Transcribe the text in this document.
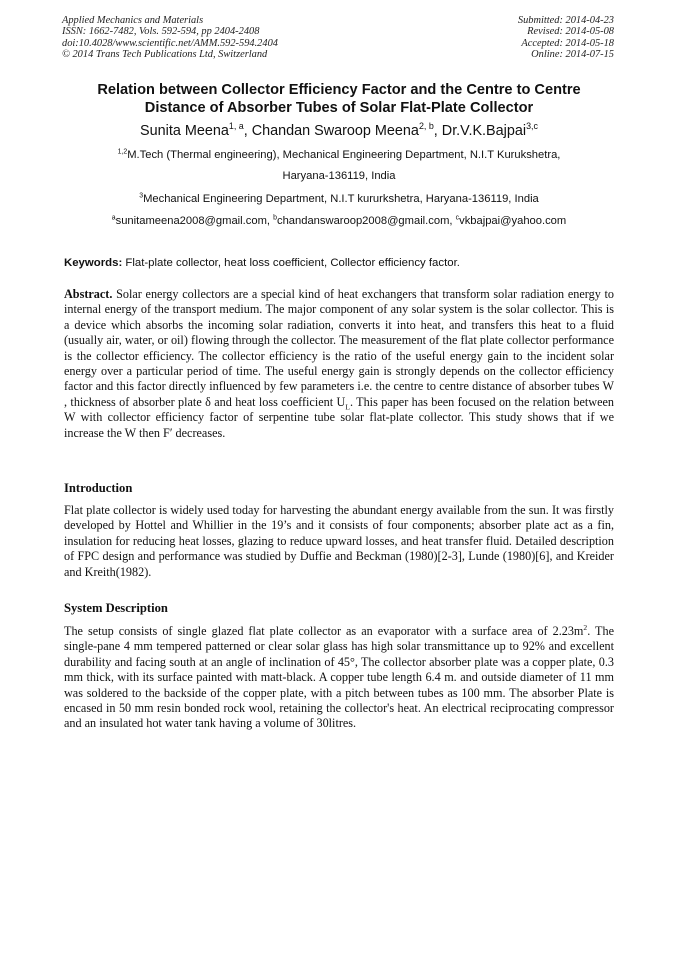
Applied Mechanics and Materials
ISSN: 1662-7482, Vols. 592-594, pp 2404-2408
doi:10.4028/www.scientific.net/AMM.592-594.2404
© 2014 Trans Tech Publications Ltd, Switzerland
Submitted: 2014-04-23
Revised: 2014-05-08
Accepted: 2014-05-18
Online: 2014-07-15
Relation between Collector Efficiency Factor and the Centre to Centre
Distance of Absorber Tubes of Solar Flat-Plate Collector
Sunita Meena$^{1, a}$, Chandan Swaroop Meena$^{2, b}$, Dr.V.K.Bajpai$^{3,c}$
$^{1,2}$M.Tech (Thermal engineering), Mechanical Engineering Department, N.I.T Kurukshetra,
Haryana-136119, India
$^3$Mechanical Engineering Department, N.I.T kururkshetra, Haryana-136119, India
$^a$sunitameena2008@gmail.com, $^b$chandanswaroop2008@gmail.com, $^c$vkbajpai@yahoo.com
Keywords: Flat-plate collector, heat loss coefficient, Collector efficiency factor.
Abstract. Solar energy collectors are a special kind of heat exchangers that transform solar radiation energy to internal energy of the transport medium. The major component of any solar system is the solar collector. This is a device which absorbs the incoming solar radiation, converts it into heat, and transfers this heat to a fluid (usually air, water, or oil) flowing through the collector. The measurement of the flat plate collector performance is the collector efficiency. The collector efficiency is the ratio of the useful energy gain to the incident solar energy over a particular period of time. The useful energy gain is strongly depends on the collector efficiency factor and this factor directly influenced by few parameters i.e. the centre to centre distance of absorber tubes W , thickness of absorber plate δ and heat loss coefficient $U_L$. This paper has been focused on the relation between W with collector efficiency factor of serpentine tube solar flat-plate collector. This study shows that if we increase the W then F′ decreases.
Introduction
Flat plate collector is widely used today for harvesting the abundant energy available from the sun. It was firstly developed by Hottel and Whillier in the 19’s and it consists of four components; absorber plate act as a fin, insulation for reducing heat losses, glazing to reduce upward losses, and heat transfer fluid. Detailed description of FPC design and performance was studied by Duffie and Beckman (1980)[2-3], Lunde (1980)[6], and Kreider and Kreith(1982).
System Description
The setup consists of single glazed flat plate collector as an evaporator with a surface area of $2.23m^2$. The single-pane 4 mm tempered patterned or clear solar glass has high solar transmittance up to 92% and excellent durability and facing south at an angle of inclination of 45°, The collector absorber plate was a copper plate, 0.3 mm thick, with its surface painted with matt-black. A copper tube length 6.4 m. and outside diameter of 11 mm was soldered to the backside of the copper plate, with a pitch between tubes as 100 mm. The absorber Plate is encased in 50 mm resin bonded rock wool, retaining the collector's heat. An electrical reciprocating compressor and an insulated hot water tank having a volume of 30litres.
